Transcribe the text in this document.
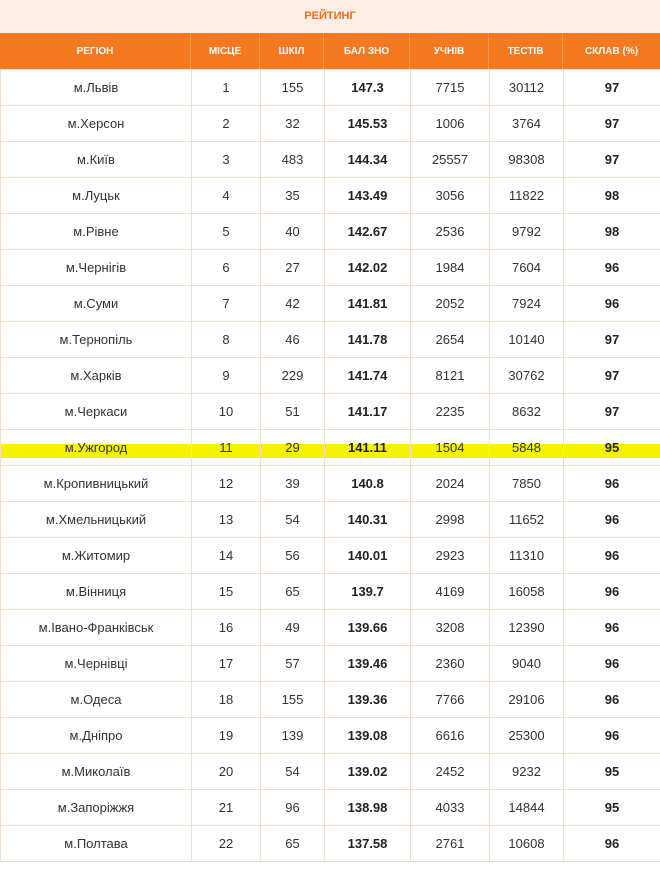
РЕЙТИНГ
РЕГІОН	МІСЦЕ	ШКІЛ	БАЛ ЗНО	УЧНІВ	ТЕСТІВ	СКЛАВ (%)
м.Львів	1	155	147.3	7715	30112	97
м.Херсон	2	32	145.53	1006	3764	97
м.Київ	3	483	144.34	25557	98308	97
м.Луцьк	4	35	143.49	3056	11822	98
м.Рівне	5	40	142.67	2536	9792	98
м.Чернігів	6	27	142.02	1984	7604	96
м.Суми	7	42	141.81	2052	7924	96
м.Тернопіль	8	46	141.78	2654	10140	97
м.Харків	9	229	141.74	8121	30762	97
м.Черкаси	10	51	141.17	2235	8632	97
м.Ужгород	11	29	141.11	1504	5848	95
м.Кропивницький	12	39	140.8	2024	7850	96
м.Хмельницький	13	54	140.31	2998	11652	96
м.Житомир	14	56	140.01	2923	11310	96
м.Вінниця	15	65	139.7	4169	16058	96
м.Івано-Франківськ	16	49	139.66	3208	12390	96
м.Чернівці	17	57	139.46	2360	9040	96
м.Одеса	18	155	139.36	7766	29106	96
м.Дніпро	19	139	139.08	6616	25300	96
м.Миколаїв	20	54	139.02	2452	9232	95
м.Запоріжжя	21	96	138.98	4033	14844	95
м.Полтава	22	65	137.58	2761	10608	96
